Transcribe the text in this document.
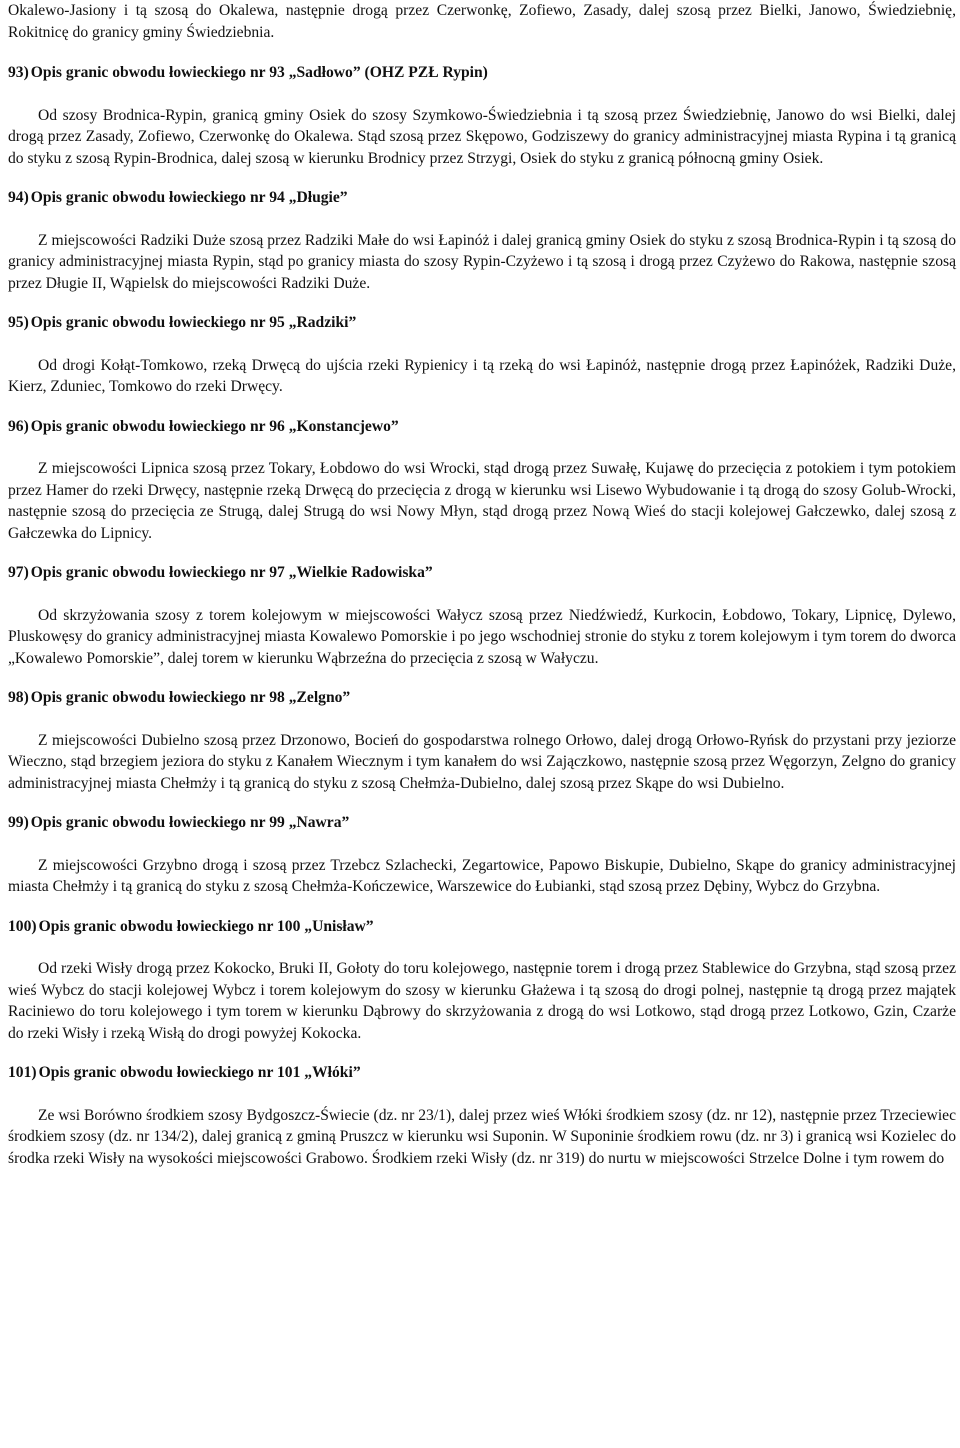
Okalewo-Jasiony i tą szosą do Okalewa, następnie drogą przez Czerwonkę, Zofiewo, Zasady, dalej szosą przez Bielki, Janowo, Świedziebnię, Rokitnicę do granicy gminy Świedziebnia.

93) Opis granic obwodu łowieckiego nr 93 „Sadłowo” (OHZ PZŁ Rypin)

Od szosy Brodnica-Rypin, granicą gminy Osiek do szosy Szymkowo-Świedziebnia i tą szosą przez Świedziebnię, Janowo do wsi Bielki, dalej drogą przez Zasady, Zofiewo, Czerwonkę do Okalewa. Stąd szosą przez Skępowo, Godziszewy do granicy administracyjnej miasta Rypina i tą granicą do styku z szosą Rypin-Brodnica, dalej szosą w kierunku Brodnicy przez Strzygi, Osiek do styku z granicą północną gminy Osiek.

94) Opis granic obwodu łowieckiego nr 94 „Długie”

Z miejscowości Radziki Duże szosą przez Radziki Małe do wsi Łapinóż i dalej granicą gminy Osiek do styku z szosą Brodnica-Rypin i tą szosą do granicy administracyjnej miasta Rypin, stąd po granicy miasta do szosy Rypin-Czyżewo i tą szosą i drogą przez Czyżewo do Rakowa, następnie szosą przez Długie II, Wąpielsk do miejscowości Radziki Duże.

95) Opis granic obwodu łowieckiego nr 95 „Radziki”

Od drogi Kołąt-Tomkowo, rzeką Drwęcą do ujścia rzeki Rypienicy i tą rzeką do wsi Łapinóż, następnie drogą przez Łapinóżek, Radziki Duże, Kierz, Zduniec, Tomkowo do rzeki Drwęcy.

96) Opis granic obwodu łowieckiego nr 96 „Konstancjewo”

Z miejscowości Lipnica szosą przez Tokary, Łobdowo do wsi Wrocki, stąd drogą przez Suwałę, Kujawę do przecięcia z potokiem i tym potokiem przez Hamer do rzeki Drwęcy, następnie rzeką Drwęcą do przecięcia z drogą w kierunku wsi Lisewo Wybudowanie i tą drogą do szosy Golub-Wrocki, następnie szosą do przecięcia ze Strugą, dalej Strugą do wsi Nowy Młyn, stąd drogą przez Nową Wieś do stacji kolejowej Gałczewko, dalej szosą z Gałczewka do Lipnicy.

97) Opis granic obwodu łowieckiego nr 97 „Wielkie Radowiska”

Od skrzyżowania szosy z torem kolejowym w miejscowości Wałycz szosą przez Niedźwiedź, Kurkocin, Łobdowo, Tokary, Lipnicę, Dylewo, Pluskowęsy do granicy administracyjnej miasta Kowalewo Pomorskie i po jego wschodniej stronie do styku z torem kolejowym i tym torem do dworca „Kowalewo Pomorskie”, dalej torem w kierunku Wąbrzeźna do przecięcia z szosą w Wałyczu.

98) Opis granic obwodu łowieckiego nr 98 „Zelgno”

Z miejscowości Dubielno szosą przez Drzonowo, Bocień do gospodarstwa rolnego Orłowo, dalej drogą Orłowo-Ryńsk do przystani przy jeziorze Wieczno, stąd brzegiem jeziora do styku z Kanałem Wiecznym i tym kanałem do wsi Zajączkowo, następnie szosą przez Węgorzyn, Zelgno do granicy administracyjnej miasta Chełmży i tą granicą do styku z szosą Chełmża-Dubielno, dalej szosą przez Skąpe do wsi Dubielno.

99) Opis granic obwodu łowieckiego nr 99 „Nawra”

Z miejscowości Grzybno drogą i szosą przez Trzebcz Szlachecki, Zegartowice, Papowo Biskupie, Dubielno, Skąpe do granicy administracyjnej miasta Chełmży i tą granicą do styku z szosą Chełmża-Kończewice, Warszewice do Łubianki, stąd szosą przez Dębiny, Wybcz do Grzybna.

100) Opis granic obwodu łowieckiego nr 100 „Unisław”

Od rzeki Wisły drogą przez Kokocko, Bruki II, Gołoty do toru kolejowego, następnie torem i drogą przez Stablewice do Grzybna, stąd szosą przez wieś Wybcz do stacji kolejowej Wybcz i torem kolejowym do szosy w kierunku Głażewa i tą szosą do drogi polnej, następnie tą drogą przez majątek Raciniewo do toru kolejowego i tym torem w kierunku Dąbrowy do skrzyżowania z drogą do wsi Lotkowo, stąd drogą przez Lotkowo, Gzin, Czarże do rzeki Wisły i rzeką Wisłą do drogi powyżej Kokocka.

101) Opis granic obwodu łowieckiego nr 101 „Włóki”

Ze wsi Borówno środkiem szosy Bydgoszcz-Świecie (dz. nr 23/1), dalej przez wieś Włóki środkiem szosy (dz. nr 12), następnie przez Trzeciewiec środkiem szosy (dz. nr 134/2), dalej granicą z gminą Pruszcz w kierunku wsi Suponin. W Suponinie środkiem rowu (dz. nr 3) i granicą wsi Kozielec do środka rzeki Wisły na wysokości miejscowości Grabowo. Środkiem rzeki Wisły (dz. nr 319) do nurtu w miejscowości Strzelce Dolne i tym rowem do
